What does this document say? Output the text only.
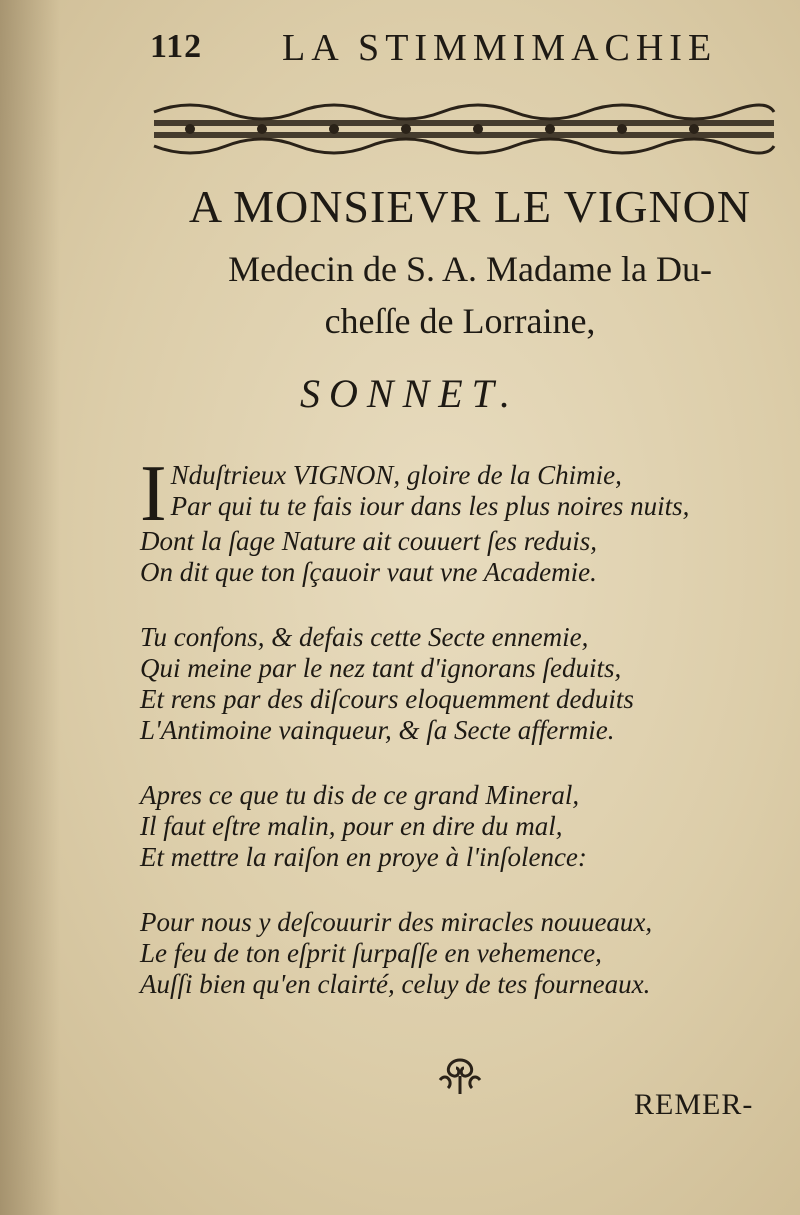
112 LA STIMMIMACHIE
A MONSIEVR LE VIGNON
Medecin de S. A. Madame la Du-
cheſſe de Lorraine,
SONNET.
I Nduſtrieux VIGNON, gloire de la Chimie,
Par qui tu te fais iour dans les plus noires nuits,
Dont la ſage Nature ait couuert ſes reduis,
On dit que ton ſçauoir vaut vne Academie.
Tu confons, & defais cette Secte ennemie,
Qui meine par le nez tant d'ignorans ſeduits,
Et rens par des diſcours eloquemment deduits
L'Antimoine vainqueur, & ſa Secte affermie.
Apres ce que tu dis de ce grand Mineral,
Il faut eſtre malin, pour en dire du mal,
Et mettre la raiſon en proye à l'inſolence:
Pour nous y deſcouurir des miracles nouueaux,
Le feu de ton eſprit ſurpaſſe en vehemence,
Auſſi bien qu'en clairté, celuy de tes fourneaux.
REMER-
